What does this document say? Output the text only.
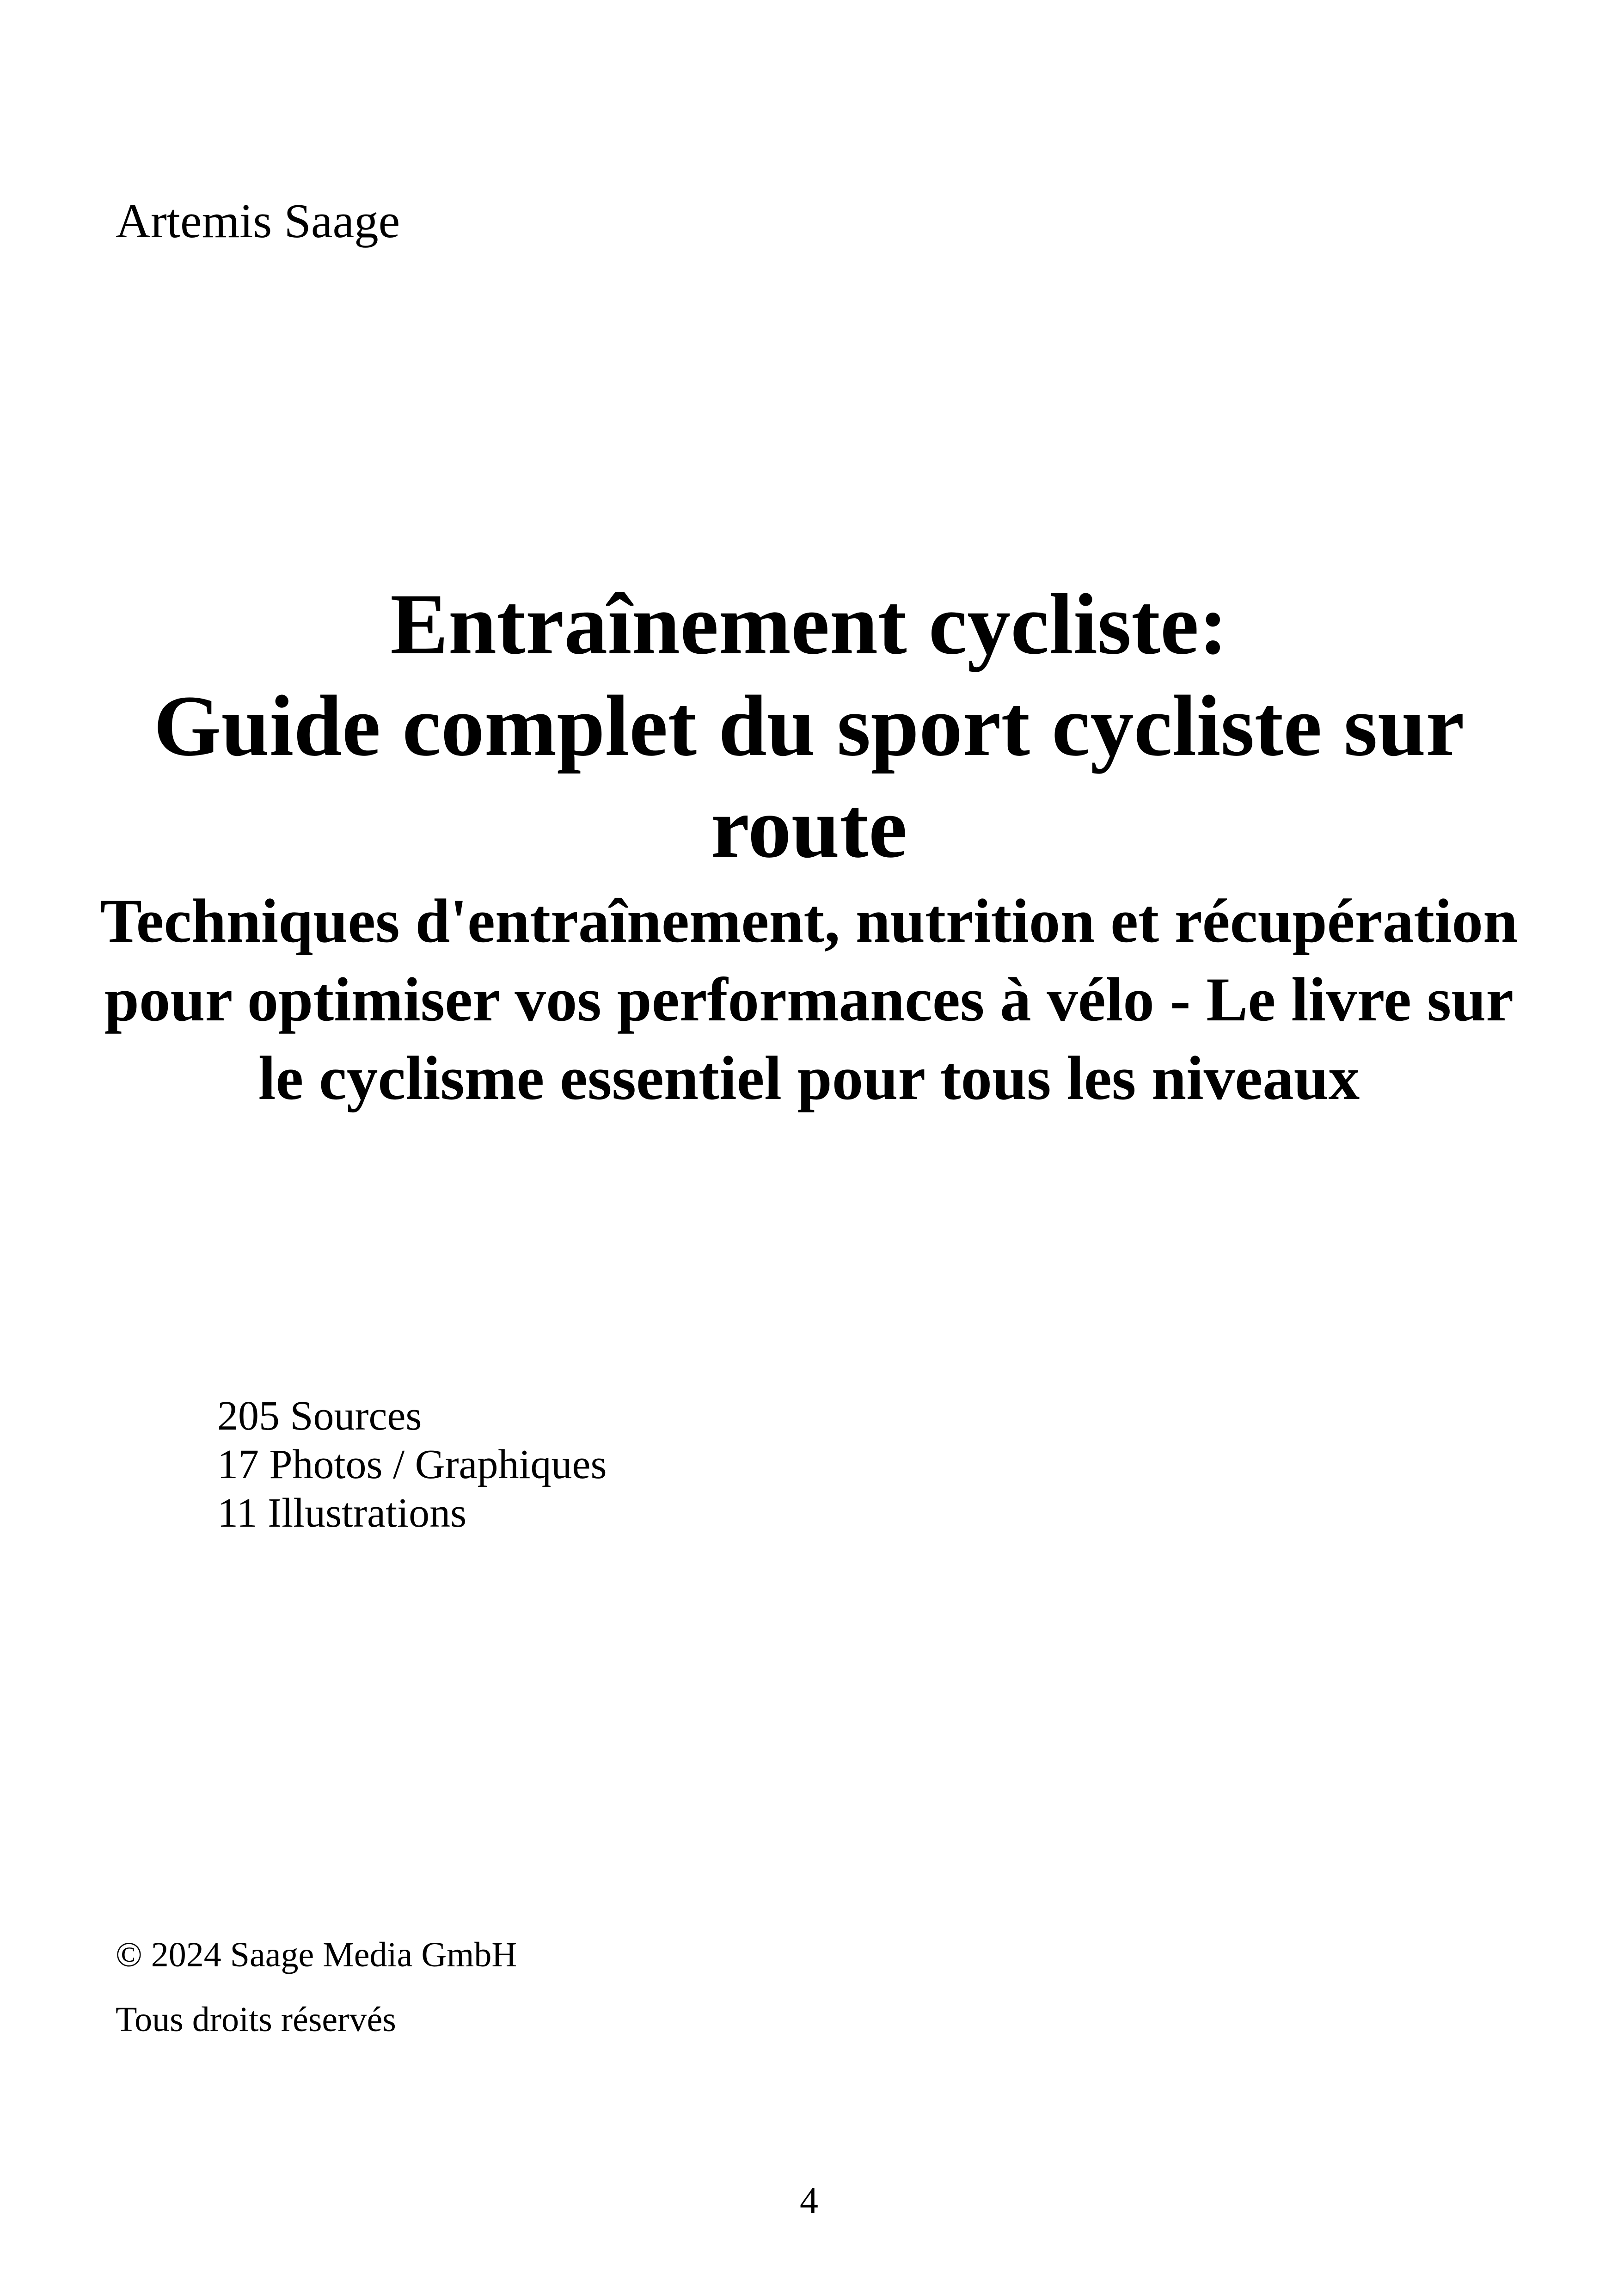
Artemis Saage
Entraînement cycliste:
Guide complet du sport cycliste sur
route
Techniques d'entraînement, nutrition et récupération pour optimiser vos performances à vélo - Le livre sur le cyclisme essentiel pour tous les niveaux
205 Sources
17 Photos / Graphiques
11 Illustrations
© 2024 Saage Media GmbH
Tous droits réservés
4
